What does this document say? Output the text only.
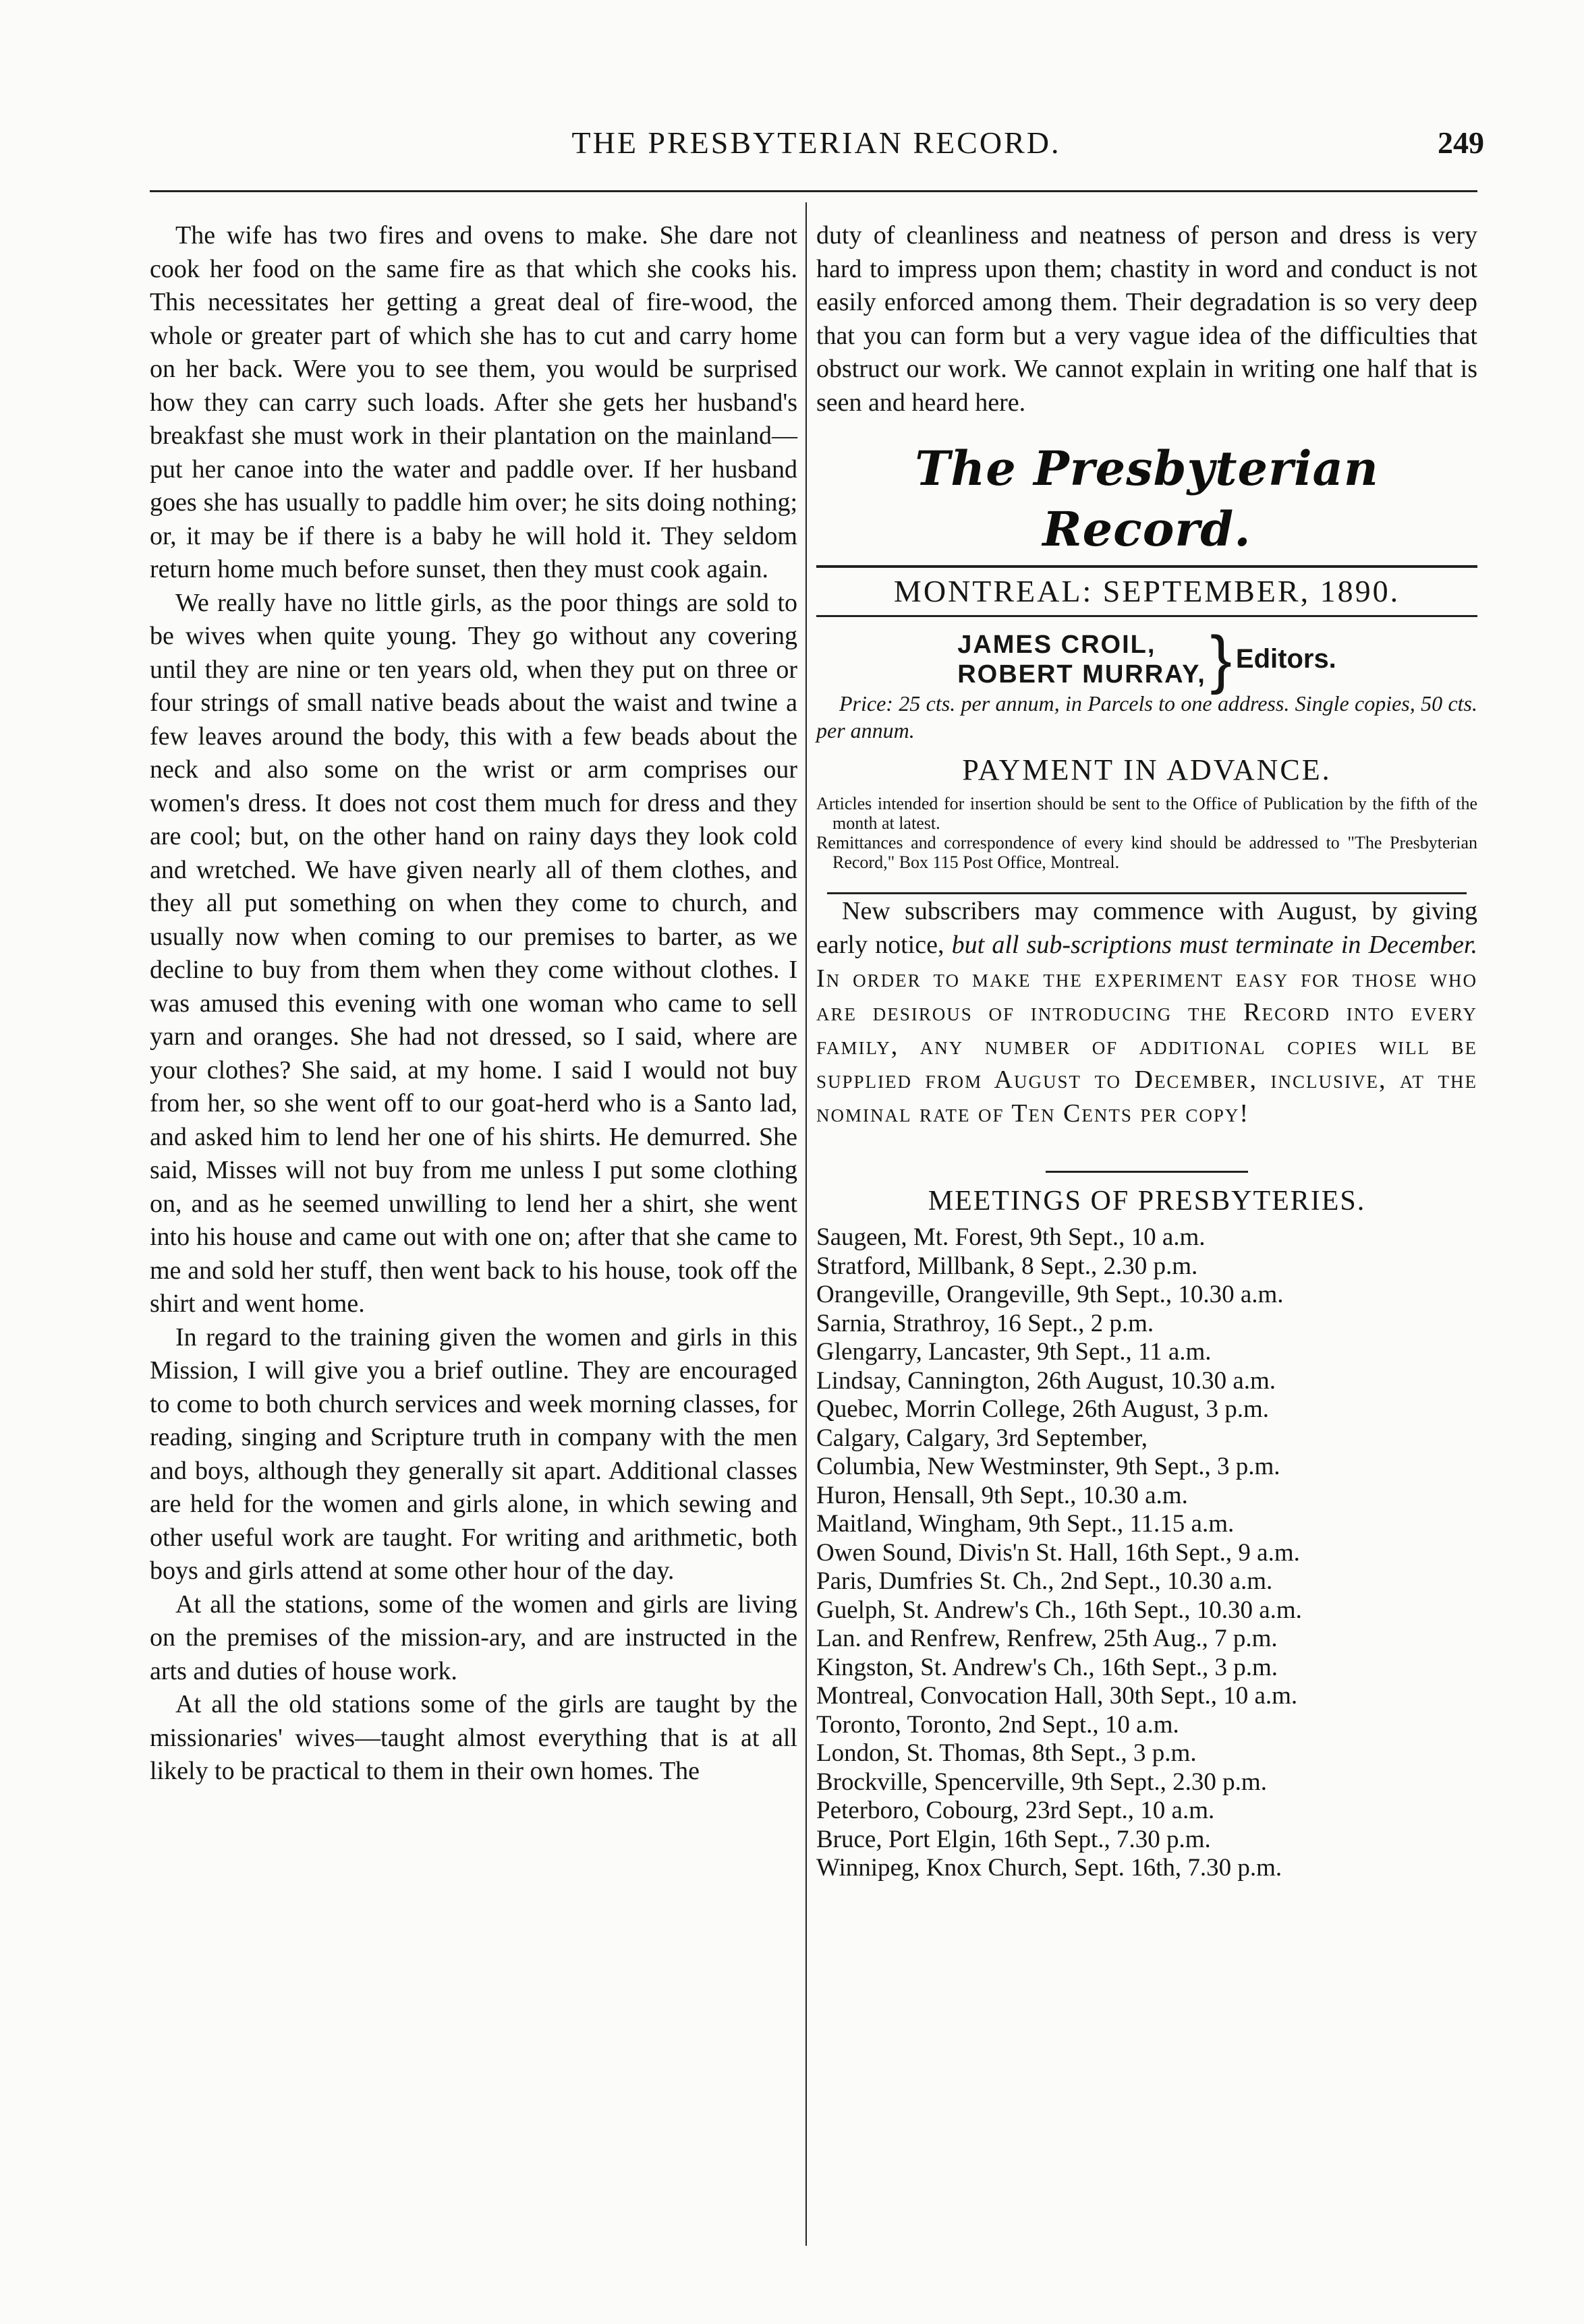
THE PRESBYTERIAN RECORD.	249

The wife has two fires and ovens to make. She dare not cook her food on the same fire as that which she cooks his. This necessitates her getting a great deal of fire-wood, the whole or greater part of which she has to cut and carry home on her back. Were you to see them, you would be surprised how they can carry such loads. After she gets her husband's breakfast she must work in their plantation on the mainland—put her canoe into the water and paddle over. If her husband goes she has usually to paddle him over; he sits doing nothing; or, it may be if there is a baby he will hold it. They seldom return home much before sunset, then they must cook again.

We really have no little girls, as the poor things are sold to be wives when quite young. They go without any covering until they are nine or ten years old, when they put on three or four strings of small native beads about the waist and twine a few leaves around the body, this with a few beads about the neck and also some on the wrist or arm comprises our women's dress. It does not cost them much for dress and they are cool; but, on the other hand on rainy days they look cold and wretched. We have given nearly all of them clothes, and they all put something on when they come to church, and usually now when coming to our premises to barter, as we decline to buy from them when they come without clothes. I was amused this evening with one woman who came to sell yarn and oranges. She had not dressed, so I said, where are your clothes? She said, at my home. I said I would not buy from her, so she went off to our goat-herd who is a Santo lad, and asked him to lend her one of his shirts. He demurred. She said, Misses will not buy from me unless I put some clothing on, and as he seemed unwilling to lend her a shirt, she went into his house and came out with one on; after that she came to me and sold her stuff, then went back to his house, took off the shirt and went home.

In regard to the training given the women and girls in this Mission, I will give you a brief outline. They are encouraged to come to both church services and week morning classes, for reading, singing and Scripture truth in company with the men and boys, although they generally sit apart. Additional classes are held for the women and girls alone, in which sewing and other useful work are taught. For writing and arithmetic, both boys and girls attend at some other hour of the day.

At all the stations, some of the women and girls are living on the premises of the mission-ary, and are instructed in the arts and duties of house work.

At all the old stations some of the girls are taught by the missionaries' wives—taught almost everything that is at all likely to be practical to them in their own homes. The

duty of cleanliness and neatness of person and dress is very hard to impress upon them; chastity in word and conduct is not easily enforced among them. Their degradation is so very deep that you can form but a very vague idea of the difficulties that obstruct our work. We cannot explain in writing one half that is seen and heard here.

The Presbyterian Record.
MONTREAL: SEPTEMBER, 1890.
JAMES CROIL,
ROBERT MURRAY, } Editors.

Price: 25 cts. per annum, in Parcels to one address. Single copies, 50 cts. per annum.

PAYMENT IN ADVANCE.

Articles intended for insertion should be sent to the Office of Publication by the fifth of the month at latest.

Remittances and correspondence of every kind should be addressed to "The Presbyterian Record," Box 115 Post Office, Montreal.

New subscribers may commence with August, by giving early notice, but all sub-scriptions must terminate in December. In order to make the experiment easy for those who are desirous of introducing the Record into every family, any number of additional copies will be supplied from August to December, inclusive, at the nominal rate of Ten Cents per copy!

MEETINGS OF PRESBYTERIES.
Saugeen, Mt. Forest, 9th Sept., 10 a.m.
Stratford, Millbank, 8 Sept., 2.30 p.m.
Orangeville, Orangeville, 9th Sept., 10.30 a.m.
Sarnia, Strathroy, 16 Sept., 2 p.m.
Glengarry, Lancaster, 9th Sept., 11 a.m.
Lindsay, Cannington, 26th August, 10.30 a.m.
Quebec, Morrin College, 26th August, 3 p.m.
Calgary, Calgary, 3rd September,
Columbia, New Westminster, 9th Sept., 3 p.m.
Huron, Hensall, 9th Sept., 10.30 a.m.
Maitland, Wingham, 9th Sept., 11.15 a.m.
Owen Sound, Divis'n St. Hall, 16th Sept., 9 a.m.
Paris, Dumfries St. Ch., 2nd Sept., 10.30 a.m.
Guelph, St. Andrew's Ch., 16th Sept., 10.30 a.m.
Lan. and Renfrew, Renfrew, 25th Aug., 7 p.m.
Kingston, St. Andrew's Ch., 16th Sept., 3 p.m.
Montreal, Convocation Hall, 30th Sept., 10 a.m.
Toronto, Toronto, 2nd Sept., 10 a.m.
London, St. Thomas, 8th Sept., 3 p.m.
Brockville, Spencerville, 9th Sept., 2.30 p.m.
Peterboro, Cobourg, 23rd Sept., 10 a.m.
Bruce, Port Elgin, 16th Sept., 7.30 p.m.
Winnipeg, Knox Church, Sept. 16th, 7.30 p.m.
